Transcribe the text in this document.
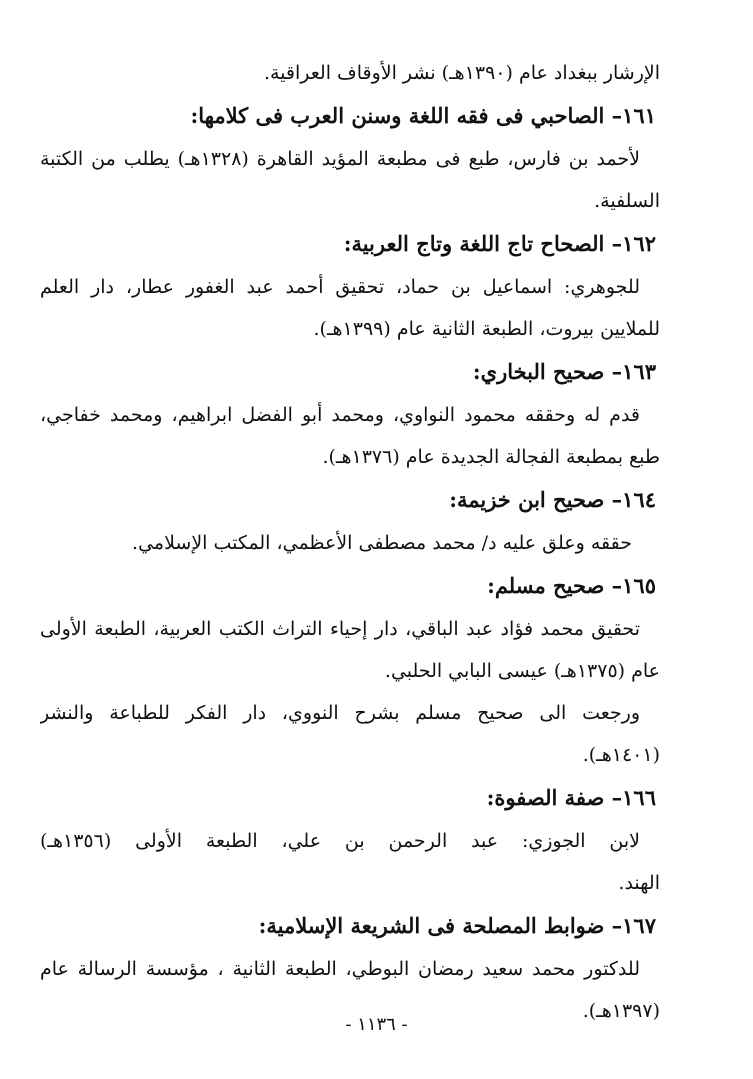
الإرشار ببغداد عام (١٣٩٠هـ) نشر الأوقاف العراقية.
١٦١– الصاحبي فى فقه اللغة وسنن العرب فى كلامها:
لأحمد بن فارس، طبع فى مطبعة المؤيد القاهرة (١٣٢٨هـ) يطلب من الكتبة
السلفية.
١٦٢– الصحاح تاج اللغة وتاج العربية:
للجوهري: اسماعيل بن حماد، تحقيق أحمد عبد الغفور عطار، دار العلم
للملايين بيروت، الطبعة الثانية عام (١٣٩٩هـ).
١٦٣– صحيح البخاري:
قدم له وحققه محمود النواوي، ومحمد أبو الفضل ابراهيم، ومحمد خفاجي،
طبع بمطبعة الفجالة الجديدة عام (١٣٧٦هـ).
١٦٤– صحيح ابن خزيمة:
حققه وعلق عليه د/ محمد مصطفى الأعظمي، المكتب الإسلامي.
١٦٥– صحيح مسلم:
تحقيق محمد فؤاد عبد الباقي، دار إحياء التراث الكتب العربية، الطبعة الأولى
عام (١٣٧٥هـ) عيسى البابي الحلبي.
ورجعت الى صحيح مسلم بشرح النووي، دار الفكر للطباعة والنشر
(١٤٠١هـ).
١٦٦– صفة الصفوة:
لابن الجوزي: عبد الرحمن بن علي، الطبعة الأولى (١٣٥٦هـ)
الهند.
١٦٧– ضوابط المصلحة فى الشريعة الإسلامية:
للدكتور محمد سعيد رمضان البوطي، الطبعة الثانية ، مؤسسة الرسالة عام
(١٣٩٧هـ).
- ١١٣٦ -
